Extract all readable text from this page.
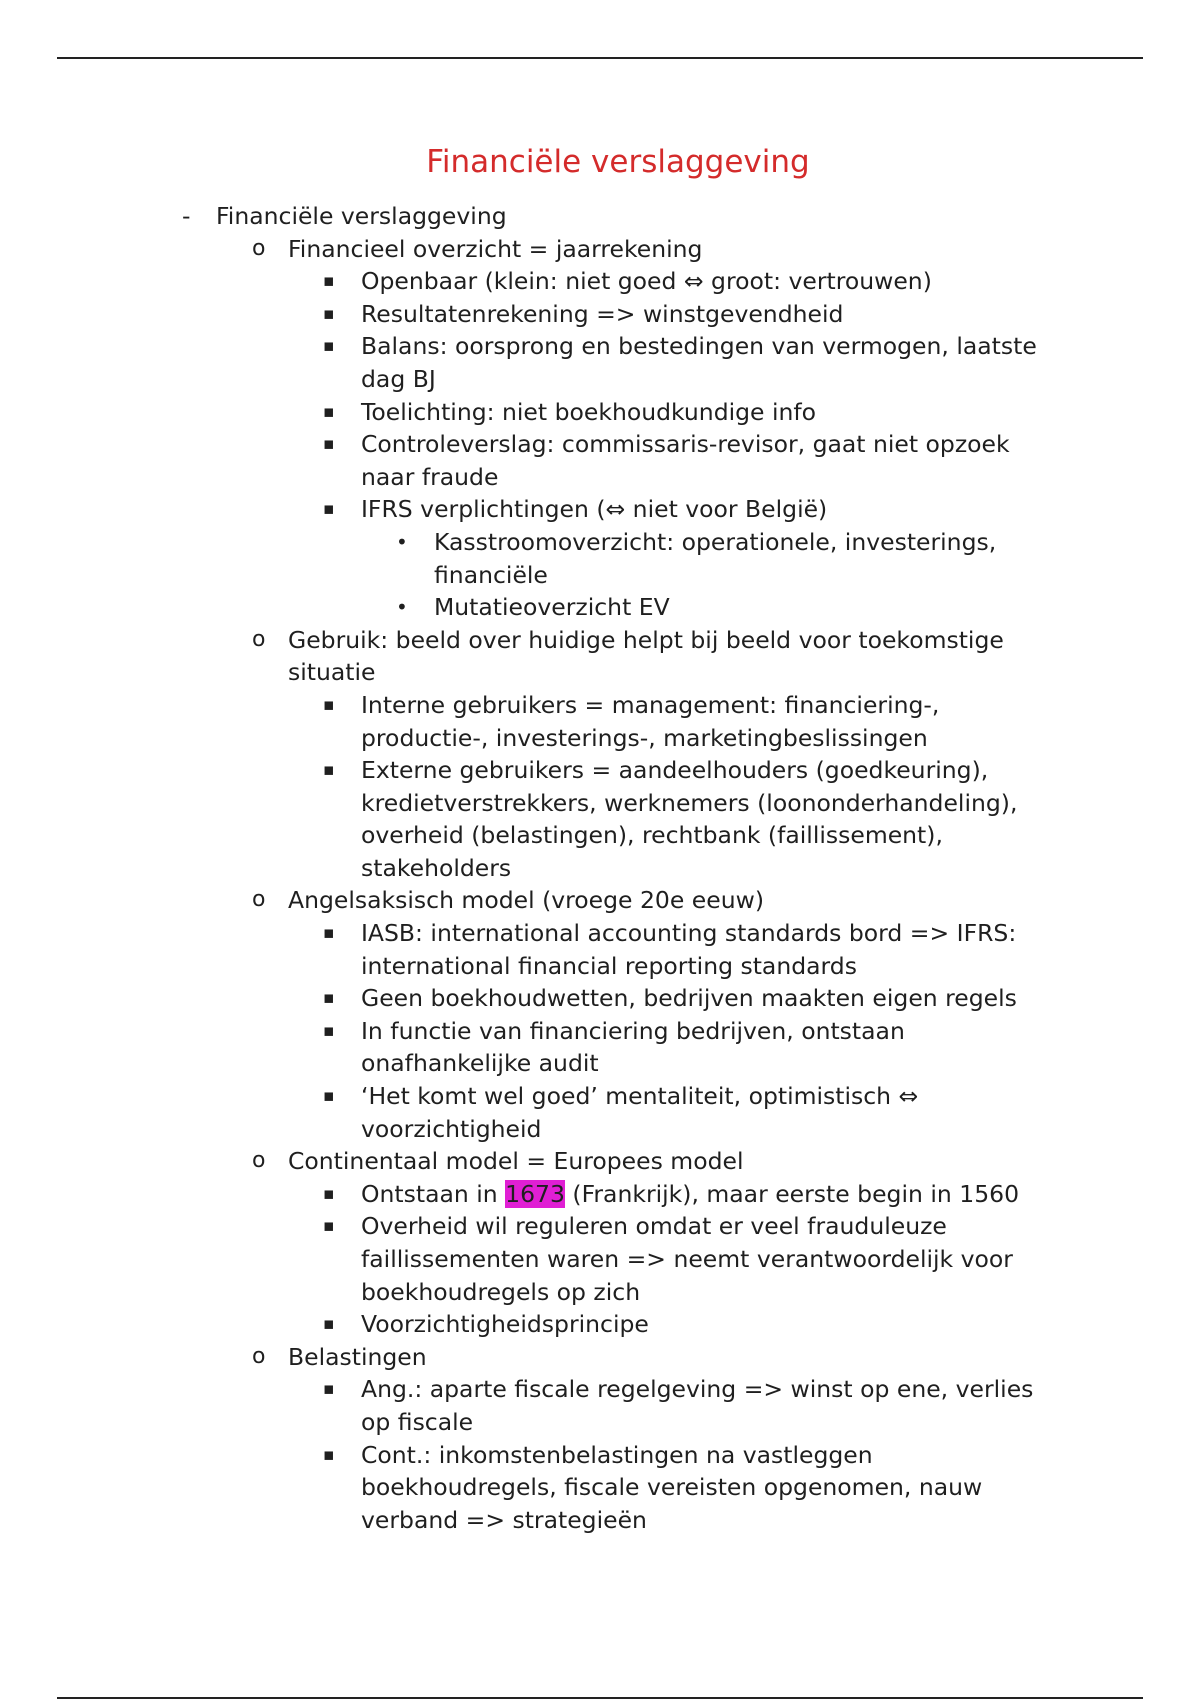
Financiële verslaggeving
- Financiële verslaggeving
o Financieel overzicht = jaarrekening
▪ Openbaar (klein: niet goed ⇔ groot: vertrouwen)
▪ Resultatenrekening => winstgevendheid
▪ Balans: oorsprong en bestedingen van vermogen, laatste
dag BJ
▪ Toelichting: niet boekhoudkundige info
▪ Controleverslag: commissaris-revisor, gaat niet opzoek
naar fraude
▪ IFRS verplichtingen (⇔ niet voor België)
• Kasstroomoverzicht: operationele, investerings,
financiële
• Mutatieoverzicht EV
o Gebruik: beeld over huidige helpt bij beeld voor toekomstige
situatie
▪ Interne gebruikers = management: financiering-,
productie-, investerings-, marketingbeslissingen
▪ Externe gebruikers = aandeelhouders (goedkeuring),
kredietverstrekkers, werknemers (loononderhandeling),
overheid (belastingen), rechtbank (faillissement),
stakeholders
o Angelsaksisch model (vroege 20e eeuw)
▪ IASB: international accounting standards bord => IFRS:
international financial reporting standards
▪ Geen boekhoudwetten, bedrijven maakten eigen regels
▪ In functie van financiering bedrijven, ontstaan
onafhankelijke audit
▪ ‘Het komt wel goed’ mentaliteit, optimistisch ⇔
voorzichtigheid
o Continentaal model = Europees model
▪ Ontstaan in 1673 (Frankrijk), maar eerste begin in 1560
▪ Overheid wil reguleren omdat er veel frauduleuze
faillissementen waren => neemt verantwoordelijk voor
boekhoudregels op zich
▪ Voorzichtigheidsprincipe
o Belastingen
▪ Ang.: aparte fiscale regelgeving => winst op ene, verlies
op fiscale
▪ Cont.: inkomstenbelastingen na vastleggen
boekhoudregels, fiscale vereisten opgenomen, nauw
verband => strategieën
